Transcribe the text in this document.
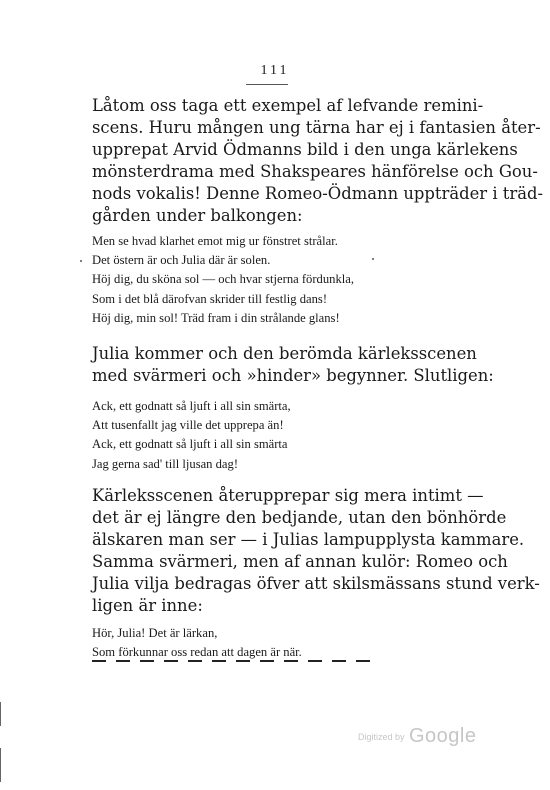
111

Låtom oss taga ett exempel af lefvande remini-
scens. Huru mången ung tärna har ej i fantasien åter-
upprepat Arvid Ödmanns bild i den unga kärlekens
mönsterdrama med Shakspeares hänförelse och Gou-
nods vokalis! Denne Romeo-Ödmann uppträder i träd-
gården under balkongen:

Men se hvad klarhet emot mig ur fönstret strålar.
Det östern är och Julia där är solen.
Höj dig, du sköna sol — och hvar stjerna fördunkla,
Som i det blå därofvan skrider till festlig dans!
Höj dig, min sol! Träd fram i din strålande glans!

Julia kommer och den berömda kärleksscenen
med svärmeri och »hinder» begynner. Slutligen:

Ack, ett godnatt så ljuft i all sin smärta,
Att tusenfallt jag ville det upprepa än!
Ack, ett godnatt så ljuft i all sin smärta
Jag gerna sad' till ljusan dag!

Kärleksscenen återupprepar sig mera intimt —
det är ej längre den bedjande, utan den bönhörde
älskaren man ser — i Julias lampupplysta kammare.
Samma svärmeri, men af annan kulör: Romeo och
Julia vilja bedragas öfver att skilsmässans stund verk-
ligen är inne:

Hör, Julia! Det är lärkan,
Som förkunnar oss redan att dagen är när.
Digitized by Google
